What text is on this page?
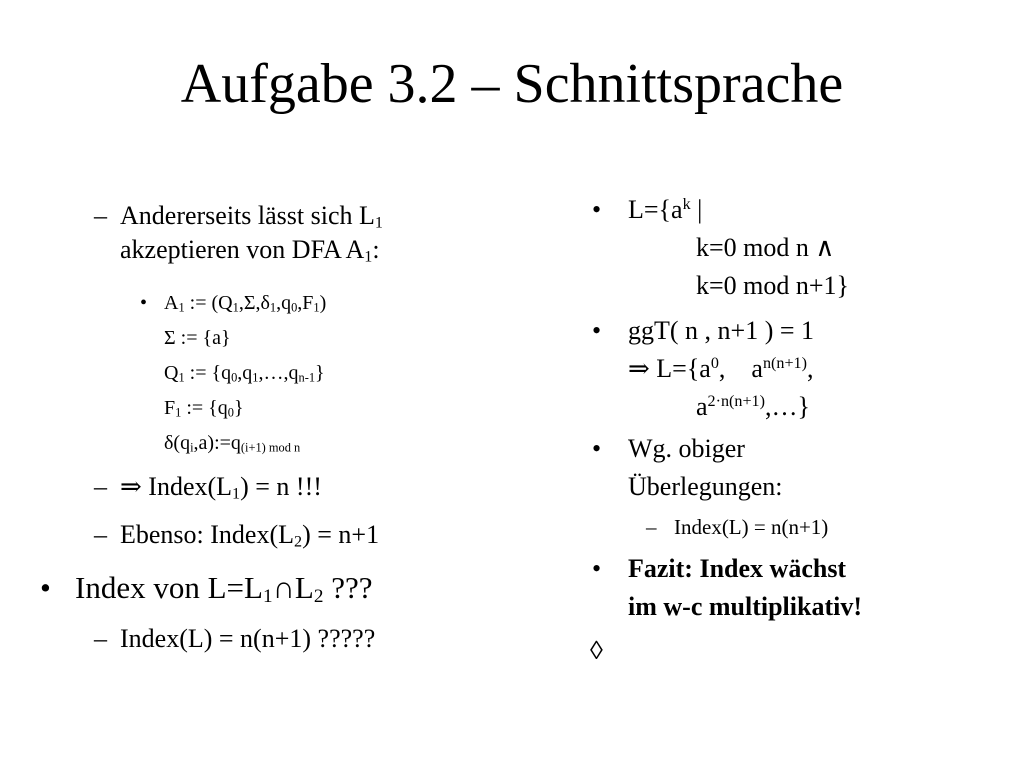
Aufgabe 3.2 – Schnittsprache
– Andererseits lässt sich $L_1$
akzeptieren von DFA $A_1$:
• $A_1$ := $(Q_1,\Sigma,\delta_1,q_0,F_1)$
Σ := {a}
$Q_1$ := $\{q_0,q_1,\dots,q_{n-1}\}$
$F_1$ := $\{q_0\}$
$\delta(q_i,a):=q_{(i+1) mod n}$
– ⇒ $Index(L_1) = n$ !!!
– Ebenso: $Index(L_2) = n+1$
• Index von $L=L_1\cap L_2$ ???
– Index(L) = n(n+1) ?????
• $L=\{a^k$ |
k=0 mod n ∧
k=0 mod n+1}
• ggT( n , n+1 ) = 1
⇒ $L=\{a^0$,    $a^{n(n+1)}$,
$a^{2\cdot n(n+1)},\dots$}
• Wg. obiger
Überlegungen:
– Index(L) = n(n+1)
• Fazit: Index wächst
im w-c multiplikativ!
◊
